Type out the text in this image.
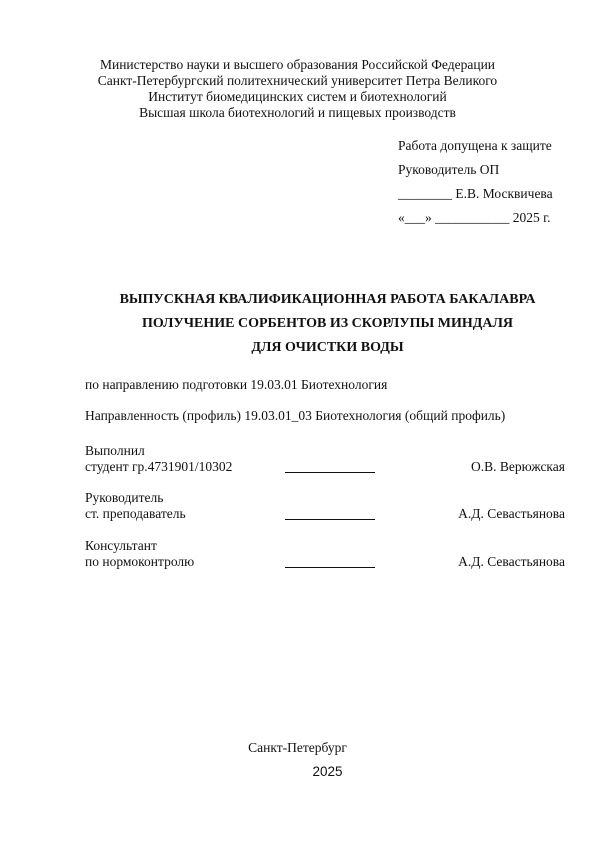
Министерство науки и высшего образования Российской Федерации
Санкт-Петербургский политехнический университет Петра Великого
Институт биомедицинских систем и биотехнологий
Высшая школа биотехнологий и пищевых производств
Работа допущена к защите
Руководитель ОП
________ Е.В. Москвичева
«___» ___________ 2025 г.
ВЫПУСКНАЯ КВАЛИФИКАЦИОННАЯ РАБОТА БАКАЛАВРА
ПОЛУЧЕНИЕ СОРБЕНТОВ ИЗ СКОРЛУПЫ МИНДАЛЯ
ДЛЯ ОЧИСТКИ ВОДЫ
по направлению подготовки 19.03.01 Биотехнология
Направленность (профиль) 19.03.01_03 Биотехнология (общий профиль)
Выполнил
студент гр.4731901/10302	О.В. Верюжская
Руководитель
ст. преподаватель	А.Д. Севастьянова
Консультант
по нормоконтролю	А.Д. Севастьянова
Санкт-Петербург
2025
